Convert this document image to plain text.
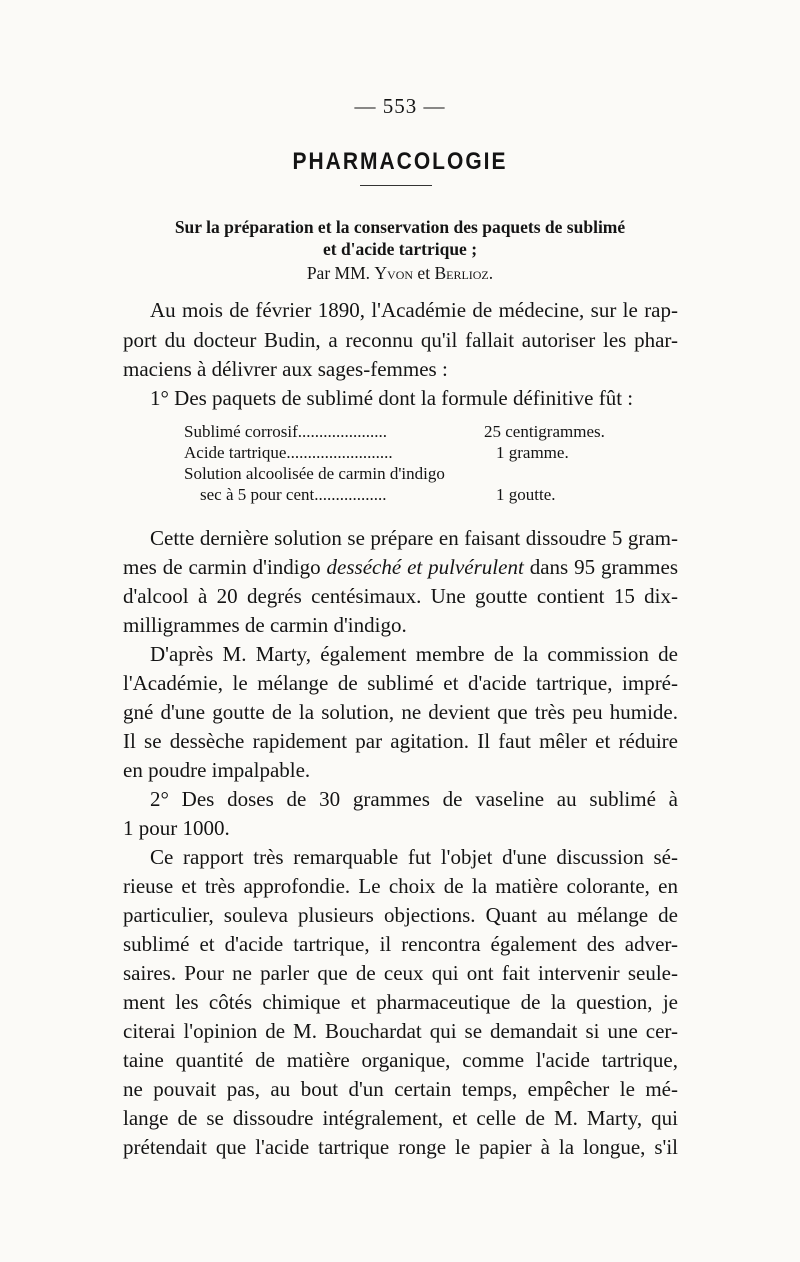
— 553 —
PHARMACOLOGIE
Sur la préparation et la conservation des paquets de sublimé
et d'acide tartrique ;
Par MM. Yvon et Berlioz.
Au mois de février 1890, l'Académie de médecine, sur le rap-
port du docteur Budin, a reconnu qu'il fallait autoriser les phar-
maciens à délivrer aux sages-femmes :
1° Des paquets de sublimé dont la formule définitive fût :
Sublimé corrosif.....................	25 centigrammes.
Acide tartrique.........................	1 gramme.
Solution alcoolisée de carmin d'indigo
sec à 5 pour cent.................	1 goutte.
Cette dernière solution se prépare en faisant dissoudre 5 gram-
mes de carmin d'indigo desséché et pulvérulent dans 95 grammes
d'alcool à 20 degrés centésimaux. Une goutte contient 15 dix-
milligrammes de carmin d'indigo.
D'après M. Marty, également membre de la commission de
l'Académie, le mélange de sublimé et d'acide tartrique, impré-
gné d'une goutte de la solution, ne devient que très peu humide.
Il se dessèche rapidement par agitation. Il faut mêler et réduire
en poudre impalpable.
2° Des doses de 30 grammes de vaseline au sublimé à
1 pour 1000.
Ce rapport très remarquable fut l'objet d'une discussion sé-
rieuse et très approfondie. Le choix de la matière colorante, en
particulier, souleva plusieurs objections. Quant au mélange de
sublimé et d'acide tartrique, il rencontra également des adver-
saires. Pour ne parler que de ceux qui ont fait intervenir seule-
ment les côtés chimique et pharmaceutique de la question, je
citerai l'opinion de M. Bouchardat qui se demandait si une cer-
taine quantité de matière organique, comme l'acide tartrique,
ne pouvait pas, au bout d'un certain temps, empêcher le mé-
lange de se dissoudre intégralement, et celle de M. Marty, qui
prétendait que l'acide tartrique ronge le papier à la longue, s'il
